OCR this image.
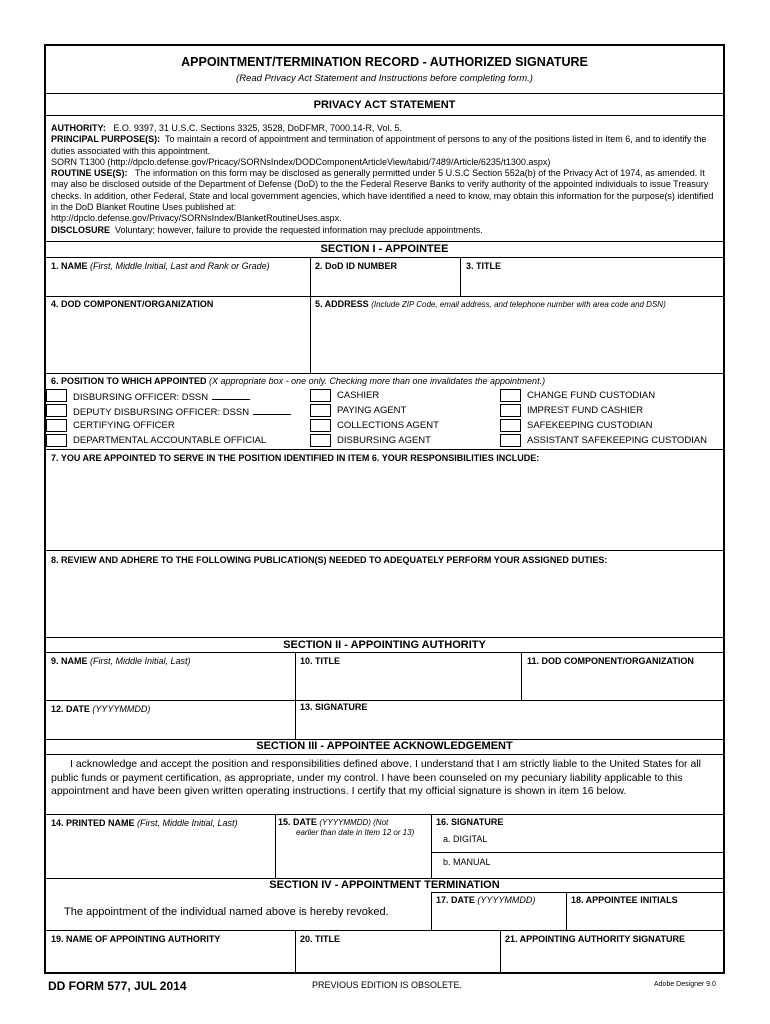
APPOINTMENT/TERMINATION RECORD - AUTHORIZED SIGNATURE
(Read Privacy Act Statement and Instructions before completing form.)
PRIVACY ACT STATEMENT

AUTHORITY: E.O. 9397, 31 U.S.C. Sections 3325, 3528, DoDFMR, 7000.14-R, Vol. 5.

PRINCIPAL PURPOSE(S): To maintain a record of appointment and termination of appointment of persons to any of the positions listed in Item 6, and to identify the duties associated with this appointment.

SORN T1300 (http://dpclo.defense.gov/Pricacy/SORNsIndex/DODComponentArticleView/tabid/7489/Article/6235/t1300.aspx)

ROUTINE USE(S): The information on this form may be disclosed as generally permitted under 5 U.S.C Section 552a(b) of the Privacy Act of 1974, as amended. It may also be disclosed outside of the Department of Defense (DoD) to the the Federal Reserve Banks to verify authority of the appointed individuals to issue Treasury checks. In addition, other Federal, State and local government agencies, which have identified a need to know, may obtain this information for the purpose(s) identified in the DoD Blanket Routine Uses published at:

http://dpclo.defense.gov/Privacy/SORNsIndex/BlanketRoutineUses.aspx.

DISCLOSURE Voluntary; however, failure to provide the requested information may preclude appointments.

SECTION I - APPOINTEE
1. NAME (First, Middle Initial, Last and Rank or Grade)	2. DoD ID NUMBER	3. TITLE
4. DOD COMPONENT/ORGANIZATION	5. ADDRESS (Include ZIP Code, email address, and telephone number with area code and DSN)
6. POSITION TO WHICH APPOINTED (X appropriate box - one only. Checking more than one invalidates the appointment.)
DISBURSING OFFICER: DSSN
DEPUTY DISBURSING OFFICER: DSSN
CERTIFYING OFFICER
DEPARTMENTAL ACCOUNTABLE OFFICIAL
CASHIER
PAYING AGENT
COLLECTIONS AGENT
DISBURSING AGENT
CHANGE FUND CUSTODIAN
IMPREST FUND CASHIER
SAFEKEEPING CUSTODIAN
ASSISTANT SAFEKEEPING CUSTODIAN
7. YOU ARE APPOINTED TO SERVE IN THE POSITION IDENTIFIED IN ITEM 6. YOUR RESPONSIBILITIES INCLUDE:
8. REVIEW AND ADHERE TO THE FOLLOWING PUBLICATION(S) NEEDED TO ADEQUATELY PERFORM YOUR ASSIGNED DUTIES:
SECTION II - APPOINTING AUTHORITY
9. NAME (First, Middle Initial, Last)	10. TITLE	11. DOD COMPONENT/ORGANIZATION
12. DATE (YYYYMMDD)	13. SIGNATURE
SECTION III - APPOINTEE ACKNOWLEDGEMENT
I acknowledge and accept the position and responsibilities defined above. I understand that I am strictly liable to the United States for all public funds or payment certification, as appropriate, under my control. I have been counseled on my pecuniary liability applicable to this appointment and have been given written operating instructions. I certify that my official signature is shown in item 16 below.
14. PRINTED NAME (First, Middle Initial, Last)	15. DATE (YYYYMMDD) (Not
earlier than date in Item 12 or 13)
16. SIGNATURE
a. DIGITAL
b. MANUAL
SECTION IV - APPOINTMENT TERMINATION
The appointment of the individual named above is hereby revoked.
17. DATE (YYYYMMDD)	18. APPOINTEE INITIALS
19. NAME OF APPOINTING AUTHORITY	20. TITLE	21. APPOINTING AUTHORITY SIGNATURE
DD FORM 577, JUL 2014	PREVIOUS EDITION IS OBSOLETE.	Adobe Designer 9.0
